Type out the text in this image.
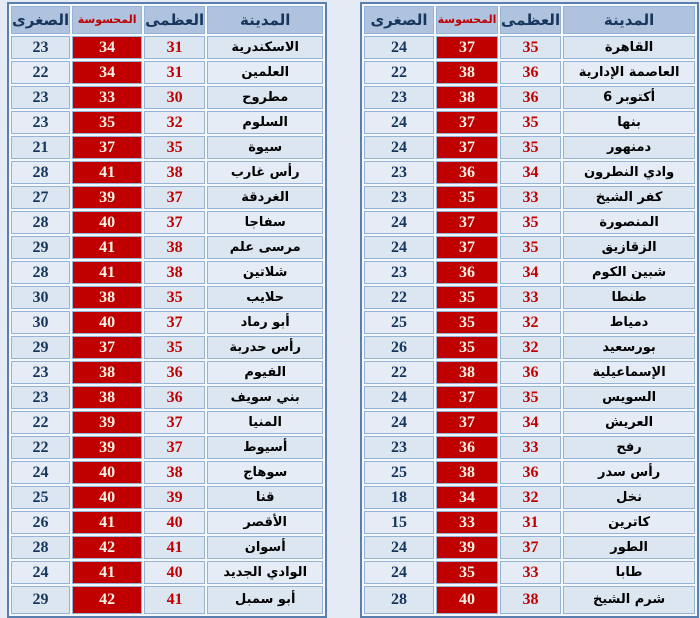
المدينة	العظمى	المحسوسة	الصغرى
القاهرة	35	37	24
العاصمة الإدارية	36	38	22
6 أكتوبر	36	38	23
بنها	35	37	24
دمنهور	35	37	24
وادي النطرون	34	36	23
كفر الشيخ	33	35	23
المنصورة	35	37	24
الزقازيق	35	37	24
شبين الكوم	34	36	23
طنطا	33	35	22
دمياط	32	35	25
بورسعيد	32	35	26
الإسماعيلية	36	38	22
السويس	35	37	24
العريش	34	37	24
رفح	33	36	23
رأس سدر	36	38	25
نخل	32	34	18
كاترين	31	33	15
الطور	37	39	24
طابا	33	35	24
شرم الشيخ	38	40	28
المدينة	العظمى	المحسوسة	الصغرى
الاسكندرية	31	34	23
العلمين	31	34	22
مطروح	30	33	23
السلوم	32	35	23
سيوة	35	37	21
رأس غارب	38	41	28
الغردقة	37	39	27
سفاجا	37	40	28
مرسى علم	38	41	29
شلاتين	38	41	28
حلايب	35	38	30
أبو رماد	37	40	30
رأس حدربة	35	37	29
الفيوم	36	38	23
بني سويف	36	38	23
المنيا	37	39	22
أسيوط	37	39	22
سوهاج	38	40	24
قنا	39	40	25
الأقصر	40	41	26
أسوان	41	42	28
الوادي الجديد	40	41	24
أبو سمبل	41	42	29
